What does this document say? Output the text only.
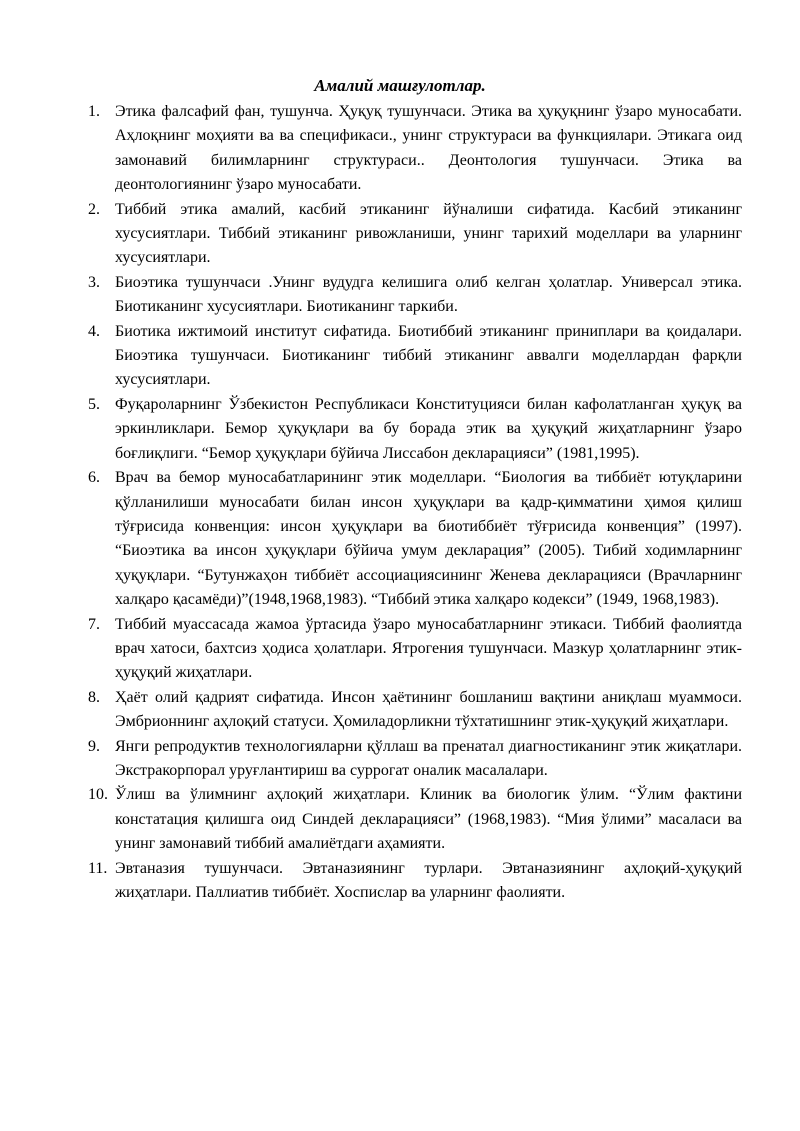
Амалий машғулотлар.
1. Этика фалсафий фан, тушунча. Ҳуқуқ тушунчаси. Этика ва ҳуқуқнинг ўзаро муносабати. Аҳлоқнинг моҳияти ва ва спецификаси., унинг структураси ва функциялари. Этикага оид замонавий билимларнинг структураси.. Деонтология тушунчаси. Этика ва деонтологиянинг ўзаро муносабати.
2. Тиббий этика амалий, касбий этиканинг йўналиши сифатида. Касбий этиканинг хусусиятлари. Тиббий этиканинг ривожланиши, унинг тарихий моделлари ва уларнинг хусусиятлари.
3. Биоэтика тушунчаси .Унинг вудудга келишига олиб келган ҳолатлар. Универсал этика. Биотиканинг хусусиятлари. Биотиканинг таркиби.
4. Биотика ижтимоий институт сифатида. Биотиббий этиканинг приниплари ва қоидалари. Биоэтика тушунчаси. Биотиканинг тиббий этиканинг аввалги моделлардан фарқли хусусиятлари.
5. Фуқароларнинг Ўзбекистон Республикаси Конституцияси билан кафолатланган ҳуқуқ ва эркинликлари. Бемор ҳуқуқлари ва бу борада этик ва ҳуқуқий жиҳатларнинг ўзаро боғлиқлиги. “Бемор ҳуқуқлари бўйича Лиссабон декларацияси” (1981,1995).
6. Врач ва бемор муносабатларининг этик моделлари. “Биология ва тиббиёт ютуқларини қўлланилиши муносабати билан инсон ҳуқуқлари ва қадр-қимматини ҳимоя қилиш тўғрисида конвенция: инсон ҳуқуқлари ва биотиббиёт тўғрисида конвенция” (1997). “Биоэтика ва инсон ҳуқуқлари бўйича умум декларация” (2005). Тибий ходимларнинг ҳуқуқлари. “Бутунжаҳон тиббиёт ассоциациясининг Женева декларацияси (Врачларнинг халқаро қасамёди)”(1948,1968,1983). “Тиббий этика халқаро кодекси” (1949, 1968,1983).
7. Тиббий муассасада жамоа ўртасида ўзаро муносабатларнинг этикаси. Тиббий фаолиятда врач хатоси, бахтсиз ҳодиса ҳолатлари. Ятрогения тушунчаси. Мазкур ҳолатларнинг этик-ҳуқуқий жиҳатлари.
8. Ҳаёт олий қадрият сифатида. Инсон ҳаётининг бошланиш вақтини аниқлаш муаммоси. Эмбрионнинг аҳлоқий статуси. Ҳомиладорликни тўхтатишнинг этик-ҳуқуқий жиҳатлари.
9. Янги репродуктив технологияларни қўллаш ва пренатал диагностиканинг этик жиқатлари. Экстракорпорал уруғлантириш ва суррогат оналик масалалари.
10. Ўлиш ва ўлимнинг аҳлоқий жиҳатлари. Клиник ва биологик ўлим. “Ўлим фактини констатация қилишга оид Синдей декларацияси” (1968,1983). “Мия ўлими” масаласи ва унинг замонавий тиббий амалиётдаги аҳамияти.
11. Эвтаназия тушунчаси. Эвтаназиянинг турлари. Эвтаназиянинг аҳлоқий-ҳуқуқий жиҳатлари. Паллиатив тиббиёт. Хоспислар ва уларнинг фаолияти.
